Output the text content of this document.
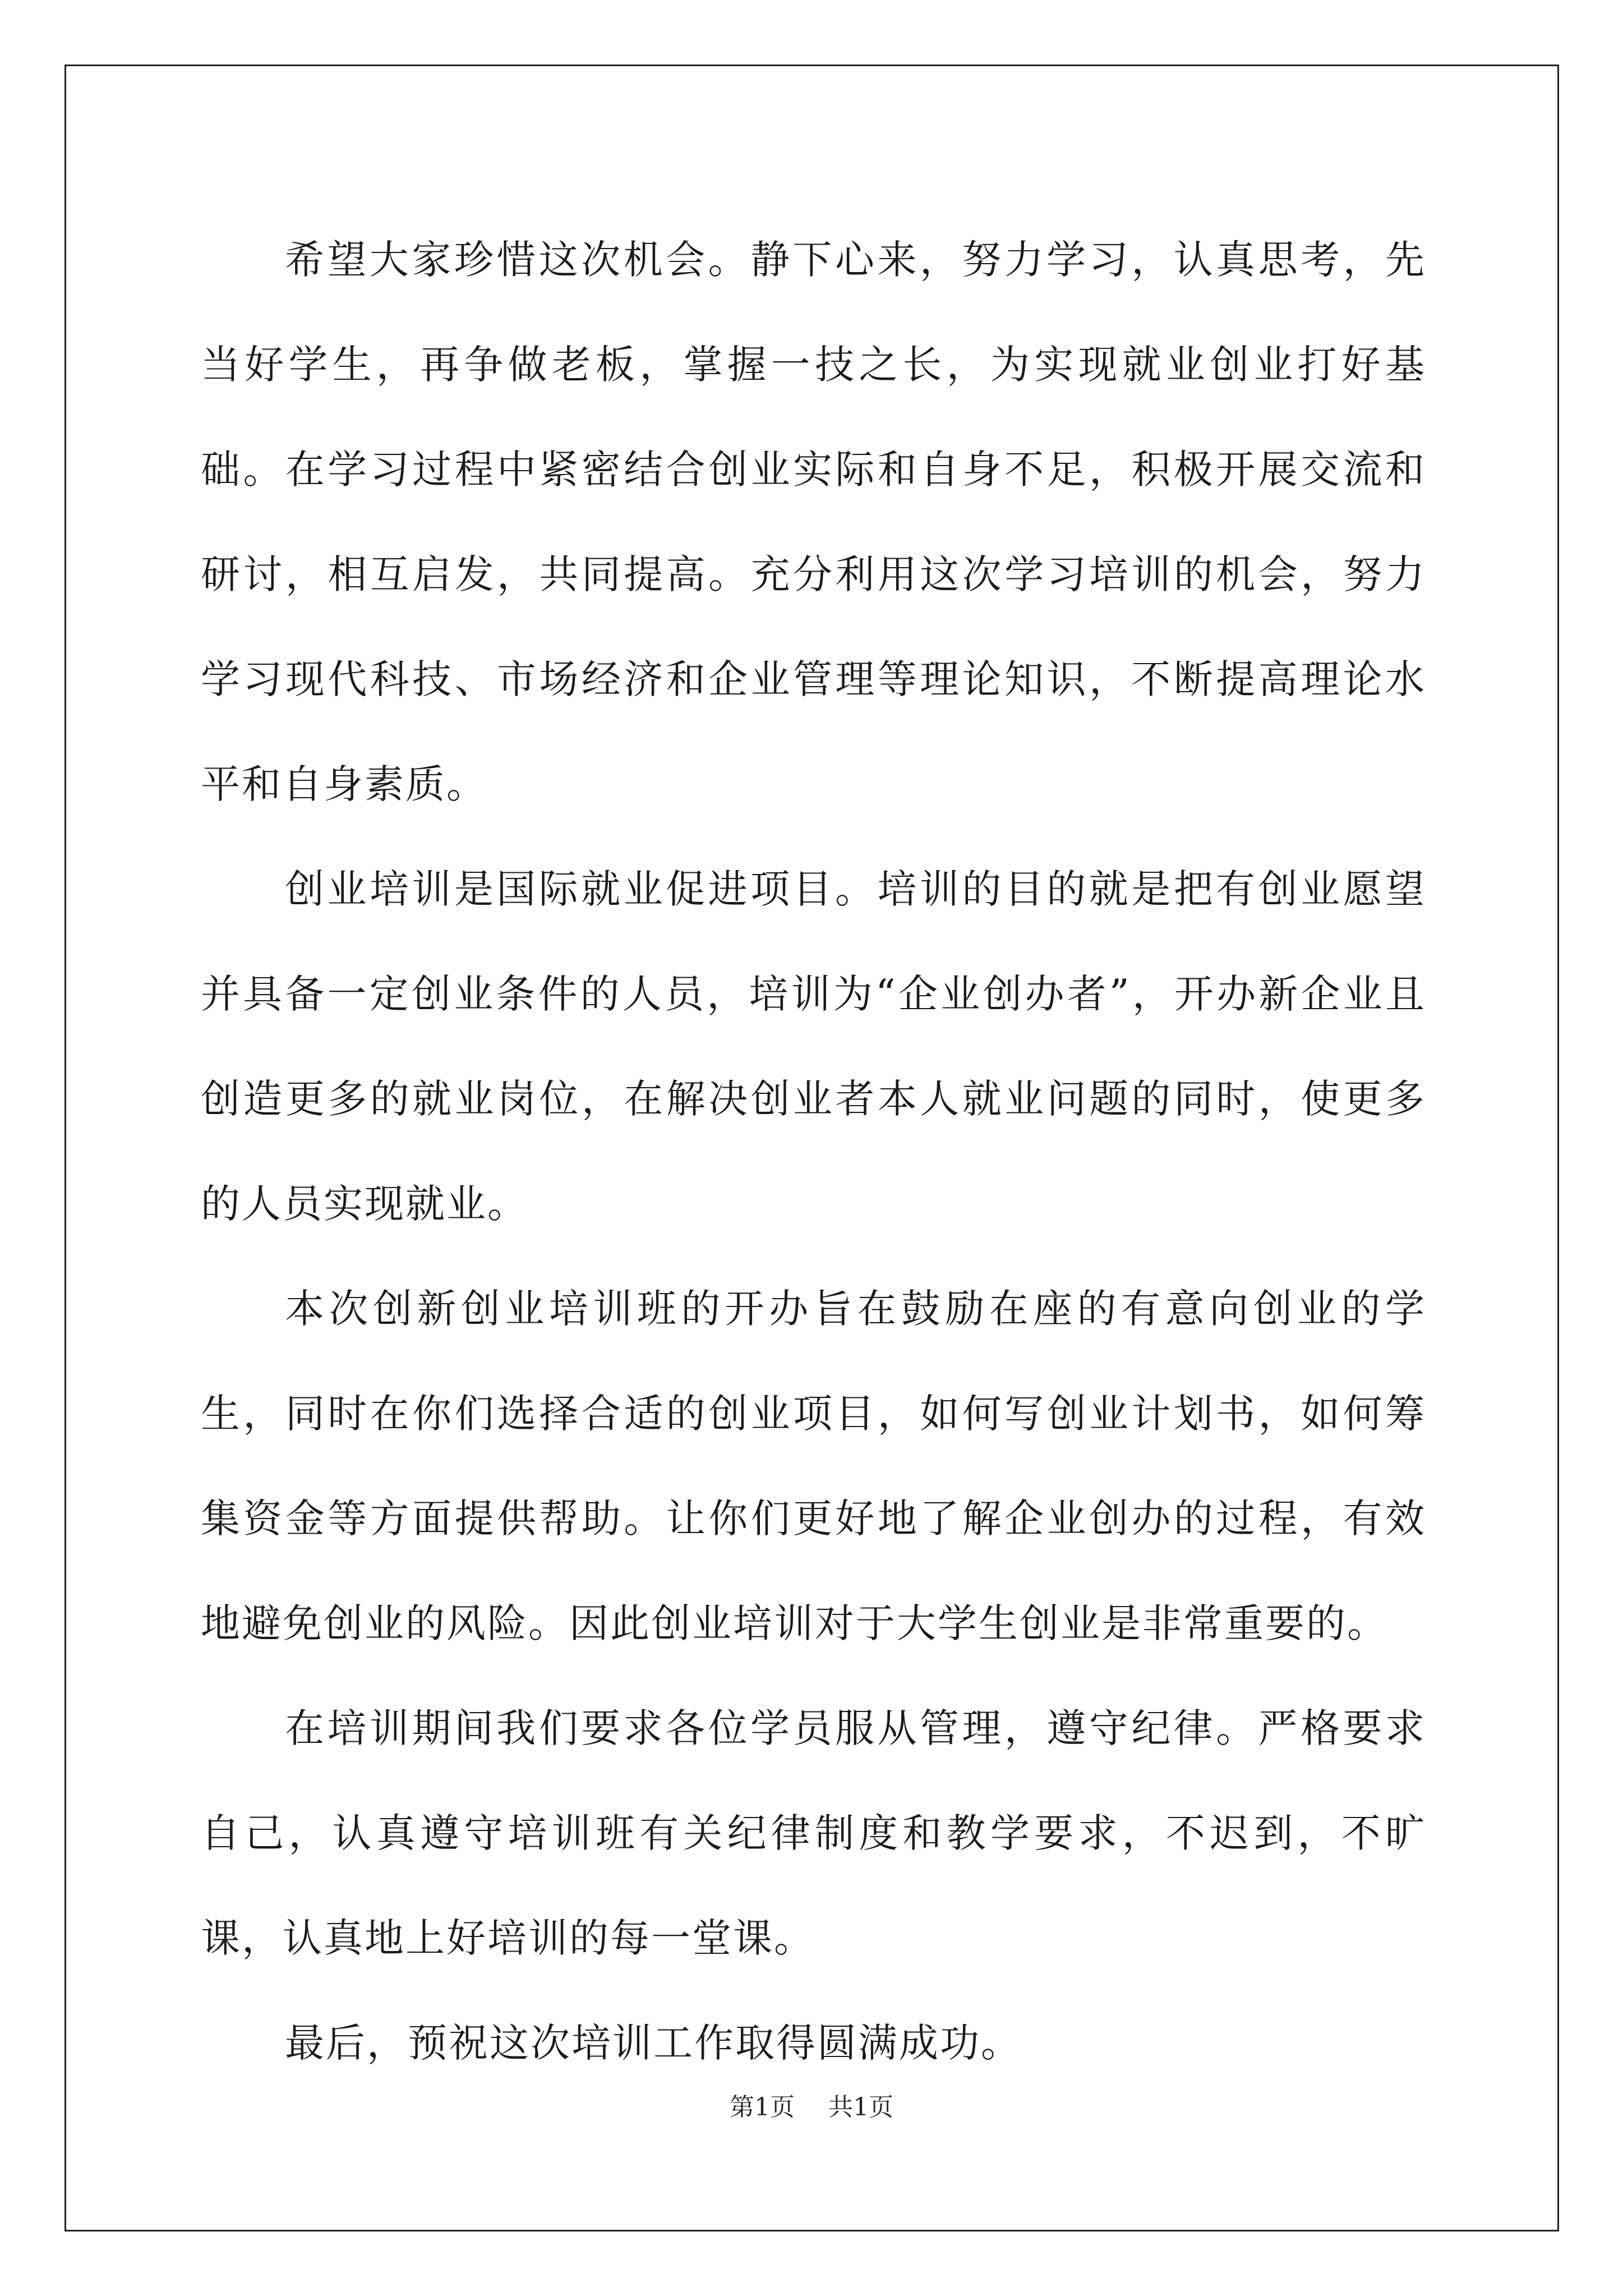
希望大家珍惜这次机会。静下心来，努力学习，认真思考，先当好学生，再争做老板，掌握一技之长，为实现就业创业打好基础。在学习过程中紧密结合创业实际和自身不足，积极开展交流和研讨，相互启发，共同提高。充分利用这次学习培训的机会，努力学习现代科技、市场经济和企业管理等理论知识，不断提高理论水平和自身素质。

创业培训是国际就业促进项目。培训的目的就是把有创业愿望并具备一定创业条件的人员，培训为“企业创办者”，开办新企业且创造更多的就业岗位，在解决创业者本人就业问题的同时，使更多的人员实现就业。

本次创新创业培训班的开办旨在鼓励在座的有意向创业的学生，同时在你们选择合适的创业项目，如何写创业计划书，如何筹集资金等方面提供帮助。让你们更好地了解企业创办的过程，有效地避免创业的风险。因此创业培训对于大学生创业是非常重要的。

在培训期间我们要求各位学员服从管理，遵守纪律。严格要求自己，认真遵守培训班有关纪律制度和教学要求，不迟到，不旷课，认真地上好培训的每一堂课。

最后，预祝这次培训工作取得圆满成功。

第1页 共1页
